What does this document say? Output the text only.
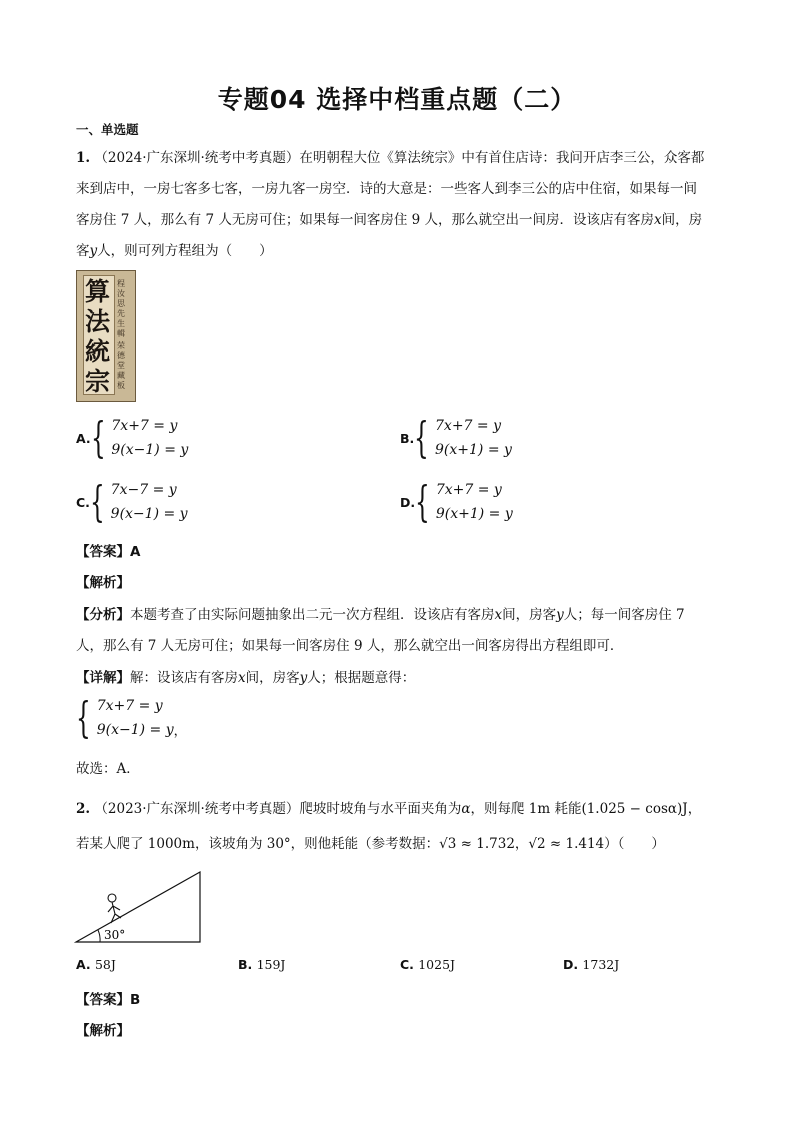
专题04 选择中档重点题（二）
一、单选题
1. （2024·广东深圳·统考中考真题）在明朝程大位《算法统宗》中有首住店诗：我问开店李三公，众客都
来到店中，一房七客多七客，一房九客一房空．诗的大意是：一些客人到李三公的店中住宿，如果每一间
客房住 7 人，那么有 7 人无房可住；如果每一间客房住 9 人，那么就空出一间房．设该店有客房x间，房
客y人，则可列方程组为（　　）
算法統宗
程汝思先生輯
荣德堂藏板
A. { 7x+7 = y
9(x−1) = y
B. { 7x+7 = y
9(x+1) = y
C. { 7x−7 = y
9(x−1) = y
D. { 7x+7 = y
9(x+1) = y
【答案】A
【解析】
【分析】本题考查了由实际问题抽象出二元一次方程组．设该店有客房x间，房客y人；每一间客房住 7
人，那么有 7 人无房可住；如果每一间客房住 9 人，那么就空出一间客房得出方程组即可．
【详解】解：设该店有客房x间，房客y人；根据题意得：
{ 7x+7 = y
9(x−1) = y ，
故选：A．
2. （2023·广东深圳·统考中考真题）爬坡时坡角与水平面夹角为α，则每爬 1m 耗能(1.025 − cosα)J，
若某人爬了 1000m，该坡角为 30°，则他耗能（参考数据：√3 ≈ 1.732，√2 ≈ 1.414）（　　）
30°
A. 58J	B. 159J	C. 1025J	D. 1732J
【答案】B
【解析】
